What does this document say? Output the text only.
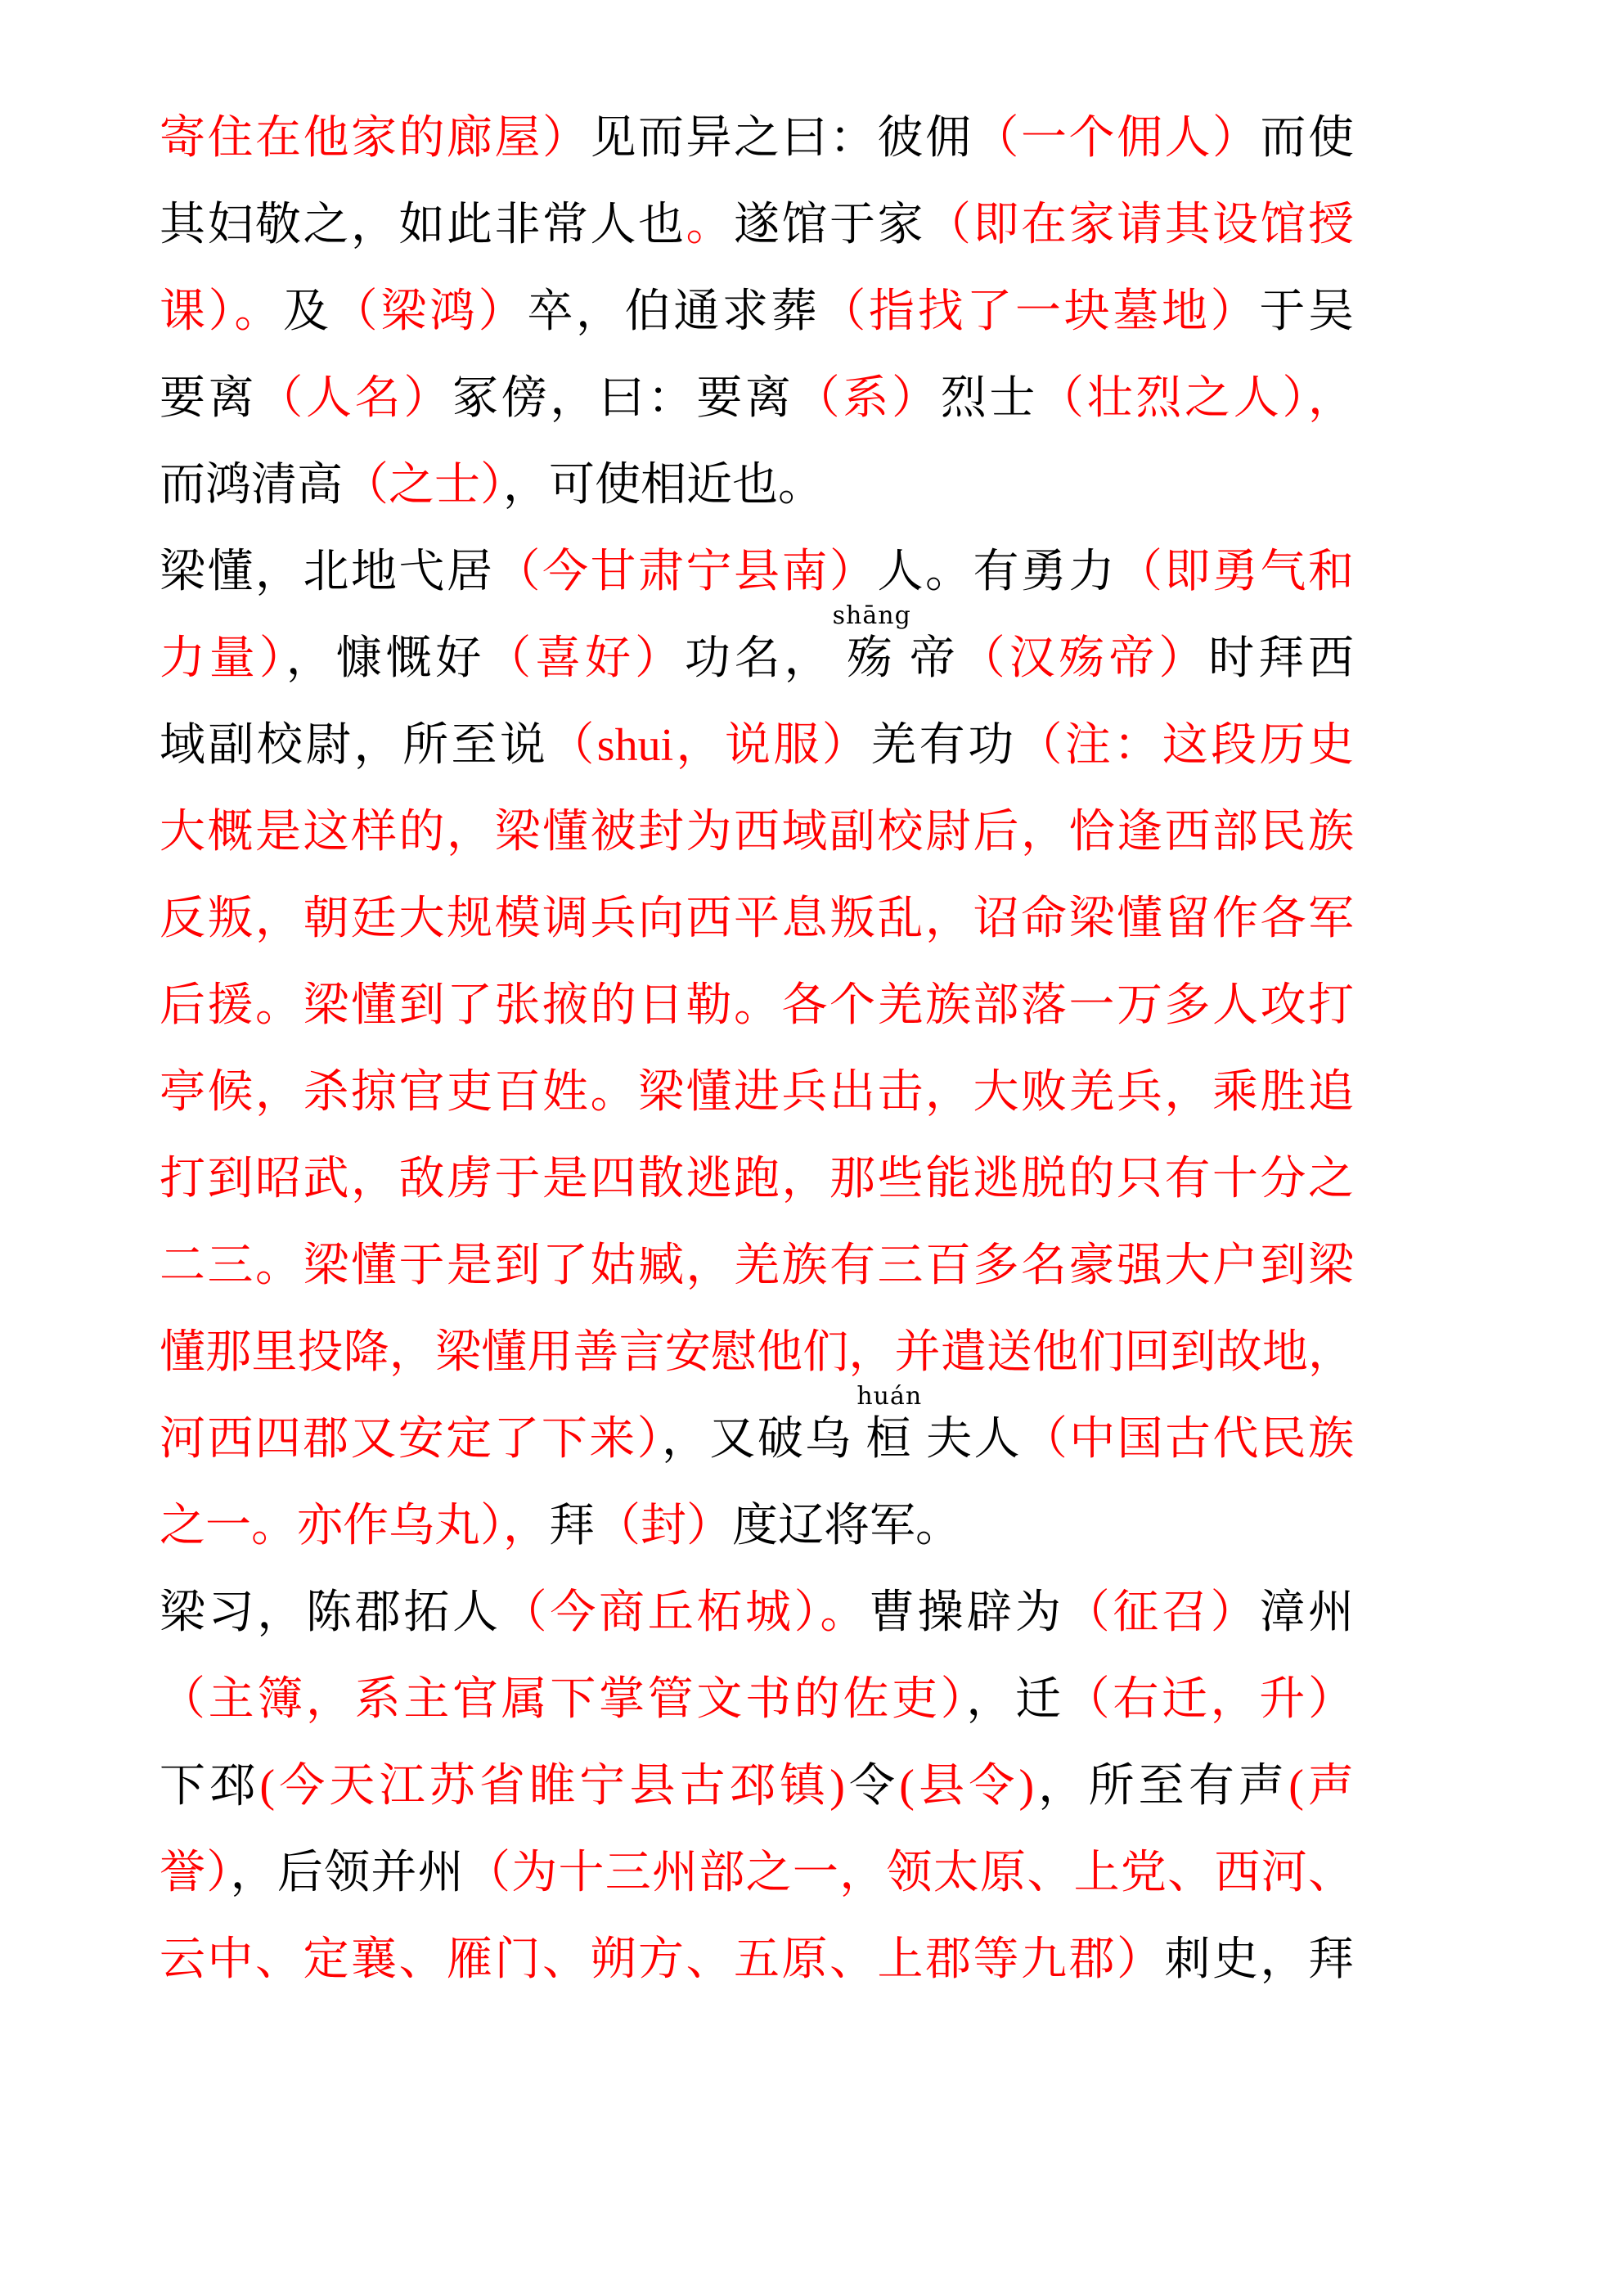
寄住在他家的廊屋）见而异之曰：彼佣（一个佣人）而使
其妇敬之，如此非常人也。遂馆于家（即在家请其设馆授
课）。及（梁鸿）卒，伯通求葬（指找了一块墓地）于吴
要离（人名）冢傍，曰：要离（系）烈士（壮烈之人），
而鸿清高（之士），可使相近也。
梁懂，北地弋居（今甘肃宁县南）人。有勇力（即勇气和
力量），慷慨好（喜好）功名，
shāng
殇 帝（汉殇帝）时拜西
域副校尉，所至说（shui，说服）羌有功（注：这段历史
大概是这样的，梁懂被封为西域副校尉后，恰逢西部民族
反叛，朝廷大规模调兵向西平息叛乱，诏命梁懂留作各军
后援。梁懂到了张掖的日勒。各个羌族部落一万多人攻打
亭候，杀掠官吏百姓。梁懂进兵出击，大败羌兵，乘胜追
打到昭武，敌虏于是四散逃跑，那些能逃脱的只有十分之
二三。梁懂于是到了姑臧，羌族有三百多名豪强大户到梁
懂那里投降，梁懂用善言安慰他们，并遣送他们回到故地，
河西四郡又安定了下来），又破乌
huán
桓 夫人（中国古代民族
之一。亦作乌丸），拜（封）度辽将军。
梁习，陈郡拓人（今商丘柘城）。曹操辟为（征召）漳州
（主簿，系主官属下掌管文书的佐吏），迁（右迁，升）
下邳(今天江苏省睢宁县古邳镇)令(县令)，所至有声(声
誉），后领并州（为十三州部之一，领太原、上党、西河、
云中、定襄、雁门、朔方、五原、上郡等九郡）刺史，拜
